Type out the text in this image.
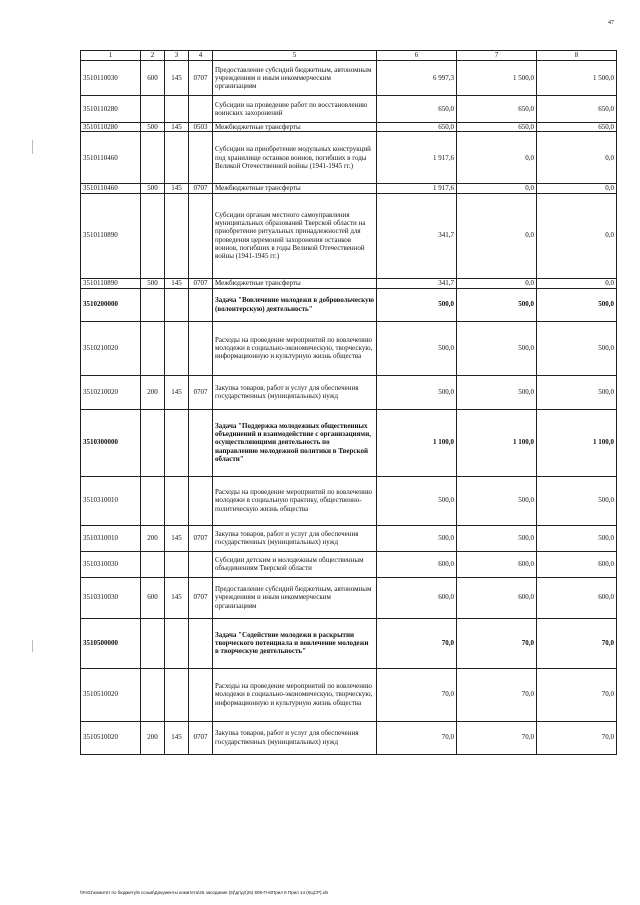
47
1	2	3	4	5	6	7	8
3510110030	600	145	0707	Предоставление субсидий бюджетным, автономным учреждениям и иным некоммерческим организациям	6 997,3	1 500,0	1 500,0
3510110280				Субсидии на проведение работ по восстановлению воинских захоронений	650,0	650,0	650,0
3510110280	500	145	0503	Межбюджетные трансферты	650,0	650,0	650,0
3510110460				Субсидии на приобретение модульных конструкций под хранилище останков воинов, погибших в годы Великой Отечественной войны (1941-1945 гг.)	1 917,6	0,0	0,0
3510110460	500	145	0707	Межбюджетные трансферты	1 917,6	0,0	0,0
3510110890				Субсидии органам местного самоуправления муниципальных образований Тверской области на приобретение ритуальных принадлежностей для проведения церемоний захоронения останков воинов, погибших в годы Великой Отечественной войны (1941-1945 гг.)	341,7	0,0	0,0
3510110890	500	145	0707	Межбюджетные трансферты	341,7	0,0	0,0
3510200000				Задача "Вовлечение молодежи в добровольческую (волонтерскую) деятельность"	500,0	500,0	500,0
3510210020				Расходы на проведение мероприятий по вовлечению молодежи в социально-экономическую, творческую, информационную и культурную жизнь общества	500,0	500,0	500,0
3510210020	200	145	0707	Закупка товаров, работ и услуг для обеспечения государственных (муниципальных) нужд	500,0	500,0	500,0
3510300000				Задача "Поддержка молодежных общественных объединений и взаимодействие с организациями, осуществляющими деятельность по направлению молодежной политики в Тверской области"	1 100,0	1 100,0	1 100,0
3510310010				Расходы на проведение мероприятий по вовлечению молодежи в социальную практику, общественно-политическую жизнь общества	500,0	500,0	500,0
3510310010	200	145	0707	Закупка товаров, работ и услуг для обеспечения государственных (муниципальных) нужд	500,0	500,0	500,0
3510310030				Субсидии детским и молодежным общественным объединениям Тверской области	600,0	600,0	600,0
3510310030	600	145	0707	Предоставление субсидий бюджетным, автономным учреждениям и иным некоммерческим организациям	600,0	600,0	600,0
3510500000				Задача "Содействие молодежи в раскрытии творческого потенциала и вовлечение молодежи в творческую деятельность"	70,0	70,0	70,0
3510510020				Расходы на проведение мероприятий по вовлечению молодежи в социально-экономическую, творческую, информационную и культурную жизнь общества	70,0	70,0	70,0
3510510020	200	145	0707	Закупка товаров, работ и услуг для обеспечения государственных (муниципальных) нужд	70,0	70,0	70,0
\\Fs01\комитет по бюджету\6 созыв\Документы комитета\26 заседание (5)\дг\дг(26) 508-П-6\Прил 8 Прил 14 (КЦСР).xls
